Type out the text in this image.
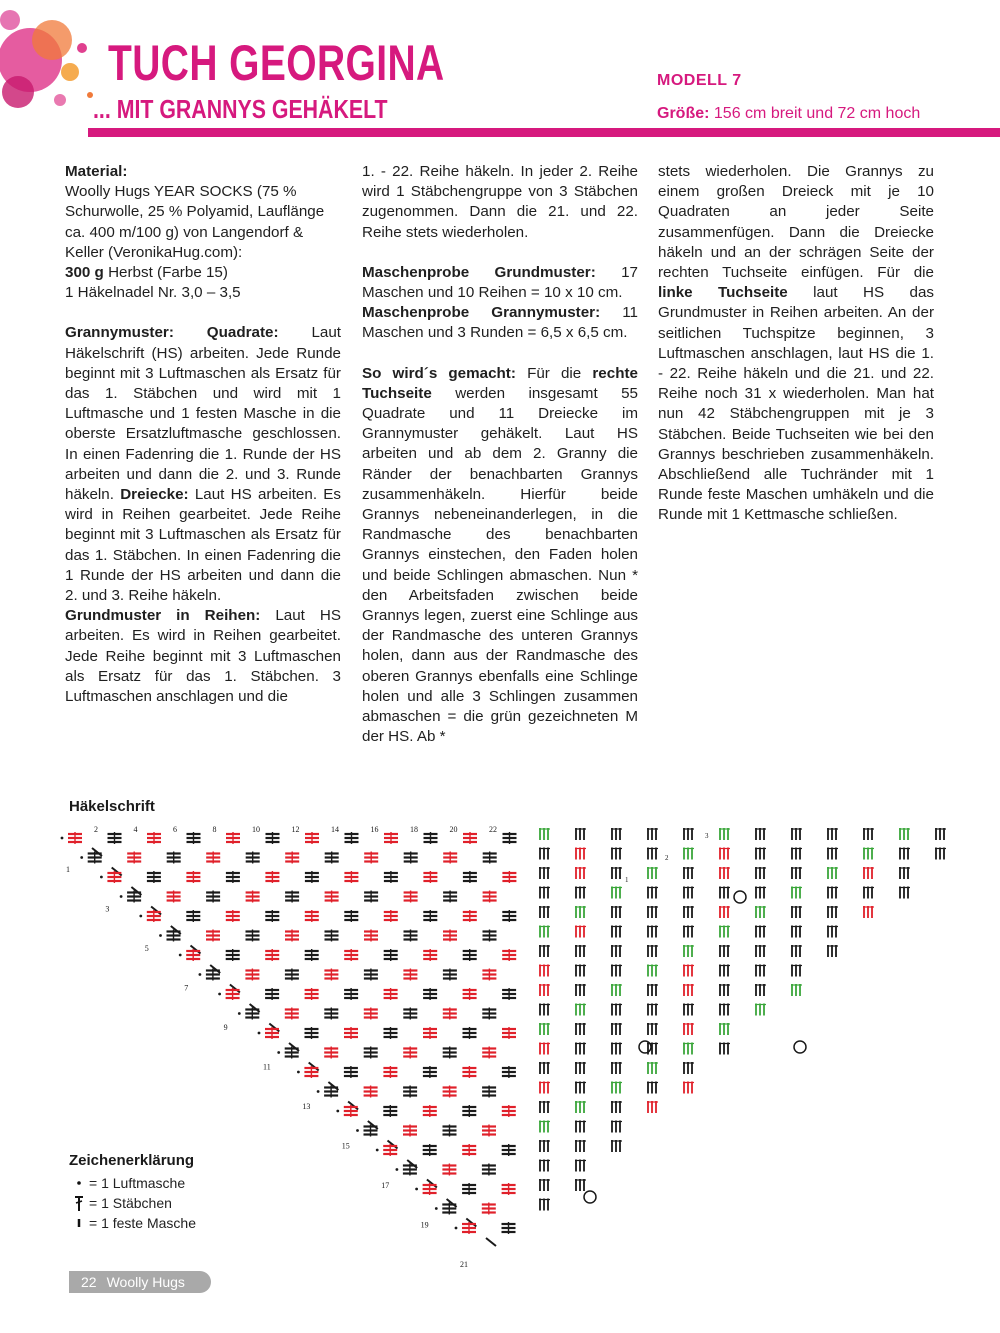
TUCH GEORGINA
... MIT GRANNYS GEHÄKELT
MODELL 7
Größe: 156 cm breit und 72 cm hoch

Material:

Woolly Hugs YEAR SOCKS (75 % Schurwolle, 25 % Polyamid, Lauflänge ca. 400 m/100 g) von Langendorf & Keller (VeronikaHug.com):

300 g Herbst (Farbe 15)

1 Häkelnadel Nr. 3,0 – 3,5

Grannymuster: Quadrate: Laut Häkelschrift (HS) arbeiten. Jede Runde beginnt mit 3 Luftmaschen als Ersatz für das 1. Stäbchen und wird mit 1 Luftmasche und 1 festen Masche in die oberste Ersatzluftmasche geschlossen. In einen Fadenring die 1. Runde der HS arbeiten und dann die 2. und 3. Runde häkeln. Dreiecke: Laut HS arbeiten. Es wird in Reihen gearbeitet. Jede Reihe beginnt mit 3 Luftmaschen als Ersatz für das 1. Stäbchen. In einen Fadenring die 1 Runde der HS arbeiten und dann die 2. und 3. Reihe häkeln.

Grundmuster in Reihen: Laut HS arbeiten. Es wird in Reihen gearbeitet. Jede Reihe beginnt mit 3 Luftmaschen als Ersatz für das 1. Stäbchen. 3 Luftmaschen anschlagen und die

1. - 22. Reihe häkeln. In jeder 2. Reihe wird 1 Stäbchengruppe von 3 Stäbchen zugenommen. Dann die 21. und 22. Reihe stets wiederholen.

Maschenprobe Grundmuster: 17 Maschen und 10 Reihen = 10 x 10 cm.

Maschenprobe Grannymuster: 11 Maschen und 3 Runden = 6,5 x 6,5 cm.

So wird´s gemacht: Für die rechte Tuchseite werden insgesamt 55 Quadrate und 11 Dreiecke im Grannymuster gehäkelt. Laut HS arbeiten und ab dem 2. Granny die Ränder der benachbarten Grannys zusammenhäkeln. Hierfür beide Grannys nebeneinanderlegen, in die Randmasche des benachbarten Grannys einstechen, den Faden holen und beide Schlingen abmaschen. Nun * den Arbeitsfaden zwischen beide Grannys legen, zuerst eine Schlinge aus der Randmasche des unteren Grannys holen, dann aus der Randmasche des oberen Grannys ebenfalls eine Schlinge holen und alle 3 Schlingen zusammen abmaschen = die grün gezeichneten M der HS. Ab *

stets wiederholen. Die Grannys zu einem großen Dreieck mit je 10 Quadraten an jeder Seite zusammenfügen. Dann die Dreiecke häkeln und an der schrägen Seite der rechten Tuchseite einfügen. Für die linke Tuchseite laut HS das Grundmuster in Reihen arbeiten. An der seitlichen Tuchspitze beginnen, 3 Luftmaschen anschlagen, laut HS die 1. - 22. Reihe häkeln und die 21. und 22. Reihe noch 31 x wiederholen. Man hat nun 42 Stäbchengruppen mit je 3 Stäbchen. Beide Tuchseiten wie bei den Grannys beschrieben zusammenhäkeln. Abschließend alle Tuchränder mit 1 Runde feste Maschen umhäkeln und die Runde mit 1 Kettmasche schließen.

Häkelschrift
2	4	6	8	10	12	14	16	18	20	22
1
3
5
7
9
11
13
15
17
19
21
1
2
3
Zeichenerklärung
= 1 Luftmasche
= 1 Stäbchen
= 1 feste Masche
22 Woolly Hugs
